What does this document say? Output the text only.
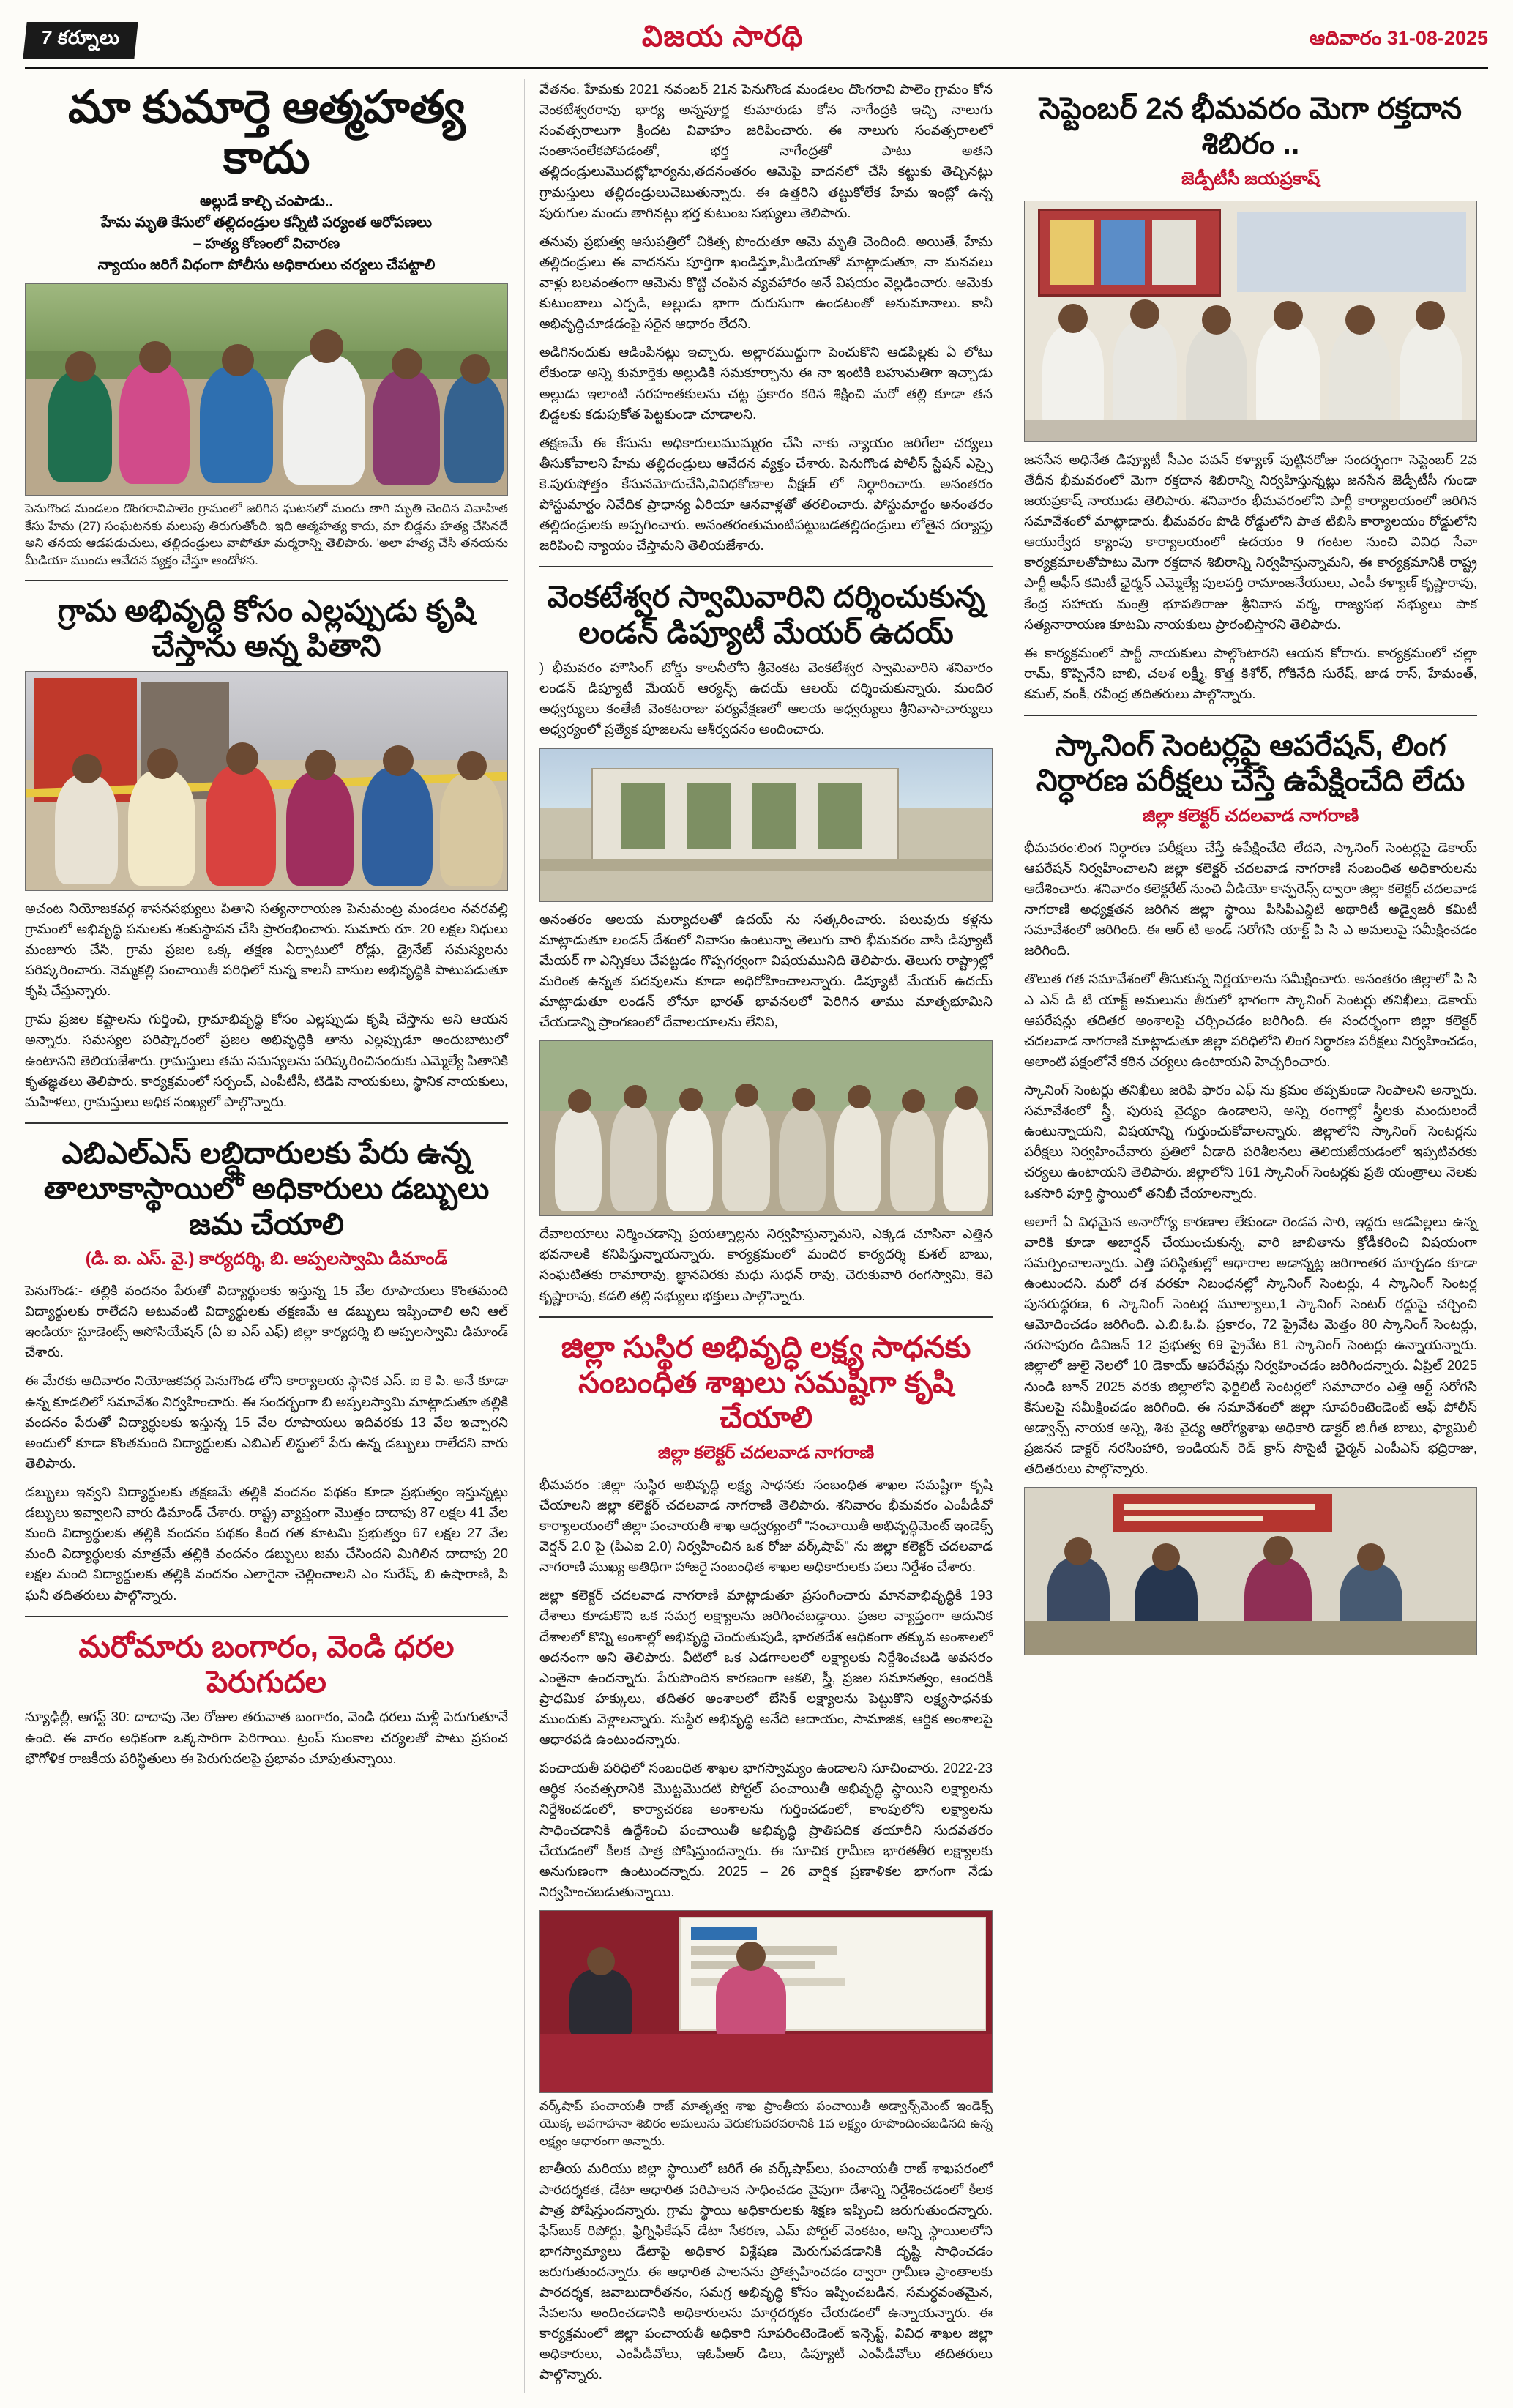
7 కర్నూలు	విజయ సారథి	ఆదివారం 31-08-2025
మా కుమార్తె ఆత్మహత్య కాదు
అల్లుడే కాల్చి చంపాడు..
హేమ మృతి కేసులో తల్లిదండ్రుల కన్నీటి పర్యంత ఆరోపణలు
– హత్య కోణంలో విచారణ
న్యాయం జరిగే విధంగా పోలీసు అధికారులు చర్యలు చేపట్టాలి

పెనుగొండ మండలం దొంగరావిపాలెం గ్రామంలో జరిగిన ఘటనలో మందు తాగి మృతి చెందిన వివాహిత కేసు హేమ (27) సంఘటనకు మలుపు తిరుగుతోంది. ఇది ఆత్మహత్య కాదు, మా బిడ్డను హత్య చేసినదే అని తనయ ఆడపడుచులు, తల్లిదండ్రులు వాపోతూ మర్మరాన్ని తెలిపారు. 'అలా హత్య చేసి తనయను మీడియా ముందు ఆవేదన వ్యక్తం చేస్తూ ఆందోళన.

గ్రామ అభివృద్ధి కోసం ఎల్లప్పుడు కృషి చేస్తాను అన్న పితాని

అచంట నియోజకవర్గ శాసనసభ్యులు పితాని సత్యనారాయణ పెనుమంట్ర మండలం నవరవల్లి గ్రామంలో అభివృద్ధి పనులకు శంకుస్థాపన చేసి ప్రారంభించారు. సుమారు రూ. 20 లక్షల నిధులు మంజూరు చేసి, గ్రామ ప్రజల ఒక్క తక్షణ ఏర్పాటులో రోడ్లు, డ్రైనేజ్ సమస్యలను పరిష్కరించారు. నెమ్మకల్లి పంచాయితీ పరిధిలో నున్న కాలనీ వాసుల అభివృద్ధికి పాటుపడుతూ కృషి చేస్తున్నారు.

గ్రామ ప్రజల కష్టాలను గుర్తించి, గ్రామాభివృద్ధి కోసం ఎల్లప్పుడు కృషి చేస్తాను అని ఆయన అన్నారు. సమస్యల పరిష్కారంలో ప్రజల అభివృద్ధికి తాను ఎల్లప్పుడూ అందుబాటులో ఉంటానని తెలియజేశారు. గ్రామస్తులు తమ సమస్యలను పరిష్కరించినందుకు ఎమ్మెల్యే పితానికి కృతజ్ఞతలు తెలిపారు. కార్యక్రమంలో సర్పంచ్, ఎంపీటీసీ, టిడిపి నాయకులు, స్థానిక నాయకులు, మహిళలు, గ్రామస్తులు అధిక సంఖ్యలో పాల్గొన్నారు.

ఎబిఎల్ఎస్ లబ్ధిదారులకు పేరు ఉన్న తాలూకాస్థాయిలో అధికారులు డబ్బులు జమ చేయాలి
(డి. ఐ. ఎస్. వై.) కార్యదర్శి, బి. అప్పలస్వామి డిమాండ్

పెనుగొండ:- తల్లికి వందనం పేరుతో విద్యార్థులకు ఇస్తున్న 15 వేల రూపాయలు కొంతమంది విద్యార్థులకు రాలేదని అటువంటి విద్యార్థులకు తక్షణమే ఆ డబ్బులు ఇప్పించాలి అని ఆల్ ఇండియా స్టూడెంట్స్ అసోసియేషన్ (ఏ ఐ ఎస్ ఎఫ్) జిల్లా కార్యదర్శి బి అప్పలస్వామి డిమాండ్ చేశారు.

ఈ మేరకు ఆదివారం నియోజకవర్గ పెనుగొండ లోని కార్యాలయ స్థానిక ఎస్. ఐ కె పి. అనే కూడా ఉన్న కూడలిలో సమావేశం నిర్వహించారు. ఈ సందర్భంగా బి అప్పలస్వామి మాట్లాడుతూ తల్లికి వందనం పేరుతో విద్యార్థులకు ఇస్తున్న 15 వేల రూపాయలు ఇదివరకు 13 వేల ఇచ్చారని అందులో కూడా కొంతమంది విద్యార్థులకు ఎబిఎల్ లిస్టులో పేరు ఉన్న డబ్బులు రాలేదని వారు తెలిపారు.

డబ్బులు ఇవ్వని విద్యార్థులకు తక్షణమే తల్లికి వందనం పథకం కూడా ప్రభుత్వం ఇస్తున్నట్లు డబ్బులు ఇవ్వాలని వారు డిమాండ్ చేశారు. రాష్ట్ర వ్యాప్తంగా మొత్తం దాదాపు 87 లక్షల 41 వేల మంది విద్యార్థులకు తల్లికి వందనం పథకం కింద గత కూటమి ప్రభుత్వం 67 లక్షల 27 వేల మంది విద్యార్థులకు మాత్రమే తల్లికి వందనం డబ్బులు జమ చేసిందని మిగిలిన దాదాపు 20 లక్షల మంది విద్యార్థులకు తల్లికి వందనం ఎలాగైనా చెల్లించాలని ఎం సురేష్, బి ఉషారాణి, పి ఘనీ తదితరులు పాల్గొన్నారు.

మరోమారు బంగారం, వెండి ధరల పెరుగుదల

న్యూఢిల్లీ, ఆగస్ట్ 30: దాదాపు నెల రోజుల తరువాత బంగారం, వెండి ధరలు మళ్లీ పెరుగుతూనే ఉంది. ఈ వారం అధికంగా ఒక్కసారిగా పెరిగాయి. ట్రంప్ సుంకాల చర్యలతో పాటు ప్రపంచ భౌగోళిక రాజకీయ పరిస్థితులు ఈ పెరుగుదలపై ప్రభావం చూపుతున్నాయి.

వేతనం. హేమకు 2021 నవంబర్ 21న పెనుగొండ మండలం దొంగరావి పాలెం గ్రామం కోన వెంకటేశ్వరరావు భార్య అన్నపూర్ణ కుమారుడు కోన నాగేంద్రకి ఇచ్చి నాలుగు సంవత్సరాలుగా క్రిందట వివాహం జరిపించారు. ఈ నాలుగు సంవత్సరాలలో సంతానంలేకపోవడంతో, భర్త నాగేంద్రతో పాటు అతని తల్లిదండ్రులుమొదట్లోభార్యను,తదనంతరం ఆమెపై వాదనలో చేసి కట్టుకు తెచ్చినట్లు గ్రామస్తులు తల్లిదండ్రులుచెబుతున్నారు. ఈ ఉత్తరిని తట్టుకోలేక హేమ ఇంట్లో ఉన్న పురుగుల మందు తాగినట్లు భర్త కుటుంబ సభ్యులు తెలిపారు.

తనువు ప్రభుత్వ ఆసుపత్రిలో చికిత్స పొందుతూ ఆమె మృతి చెందింది. అయితే, హేమ తల్లిదండ్రులు ఈ వాదనను పూర్తిగా ఖండిస్తూ,మీడియాతో మాట్లాడుతూ, నా మనవలు వాళ్లు బలవంతంగా ఆమెను కొట్టి చంపిన వ్యవహారం అనే విషయం వెల్లడించారు. ఆమెకు కుటుంబాలు ఎర్పడి, అల్లుడు భాగా దురుసుగా ఉండటంతో అనుమానాలు. కానీ అభివృద్ధిచూడడంపై సరైన ఆధారం లేదని.

అడిగినందుకు ఆడింపినట్లు ఇచ్చారు. అల్లారముద్దుగా పెంచుకొని ఆడపిల్లకు ఏ లోటు లేకుండా అన్ని కుమార్తెకు అల్లుడికి సమకూర్చాను ఈ నా ఇంటికి బహుమతిగా ఇచ్చాడు అల్లుడు ఇలాంటి నరహంతకులను చట్ట ప్రకారం కఠిన శిక్షించి మరో తల్లి కూడా తన బిడ్డలకు కడుపుకోత పెట్టకుండా చూడాలని.

తక్షణమే ఈ కేసును అధికారులుముమ్మరం చేసి నాకు న్యాయం జరిగేలా చర్యలు తీసుకోవాలని హేమ తల్లిదండ్రులు ఆవేదన వ్యక్తం చేశారు. పెనుగొండ పోలీస్ స్టేషన్ ఎస్సై కె.పురుషోత్తం కేసునమోదుచేసి,వివిధకోణాల వీక్షణ్ లో నిర్ధారించారు. అనంతరం పోస్టుమార్టం నివేదిక ప్రాధాన్య ఏరియా ఆనవాళ్లతో తరలించారు. పోస్టుమార్టం అనంతరం తల్లిదండ్రులకు అప్పగించారు. అనంతరంతుమంటిపట్టుబడతల్లిదండ్రులు లోతైన దర్యాప్తు జరిపించి న్యాయం చేస్తామని తెలియజేశారు.

వెంకటేశ్వర స్వామివారిని దర్శించుకున్న లండన్ డిప్యూటీ మేయర్ ఉదయ్

) భీమవరం హౌసింగ్ బోర్డు కాలనీలోని శ్రీవెంకట వెంకటేశ్వర స్వామివారిని శనివారం లండన్ డిప్యూటీ మేయర్ ఆర్యన్స్ ఉదయ్ ఆలయ్ దర్శించుకున్నారు. మందిర అధ్వర్యులు కంతేజీ వెంకటరాజు పర్యవేక్షణలో ఆలయ అధ్వర్యులు శ్రీనివాసాచార్యులు అధ్వర్యంలో ప్రత్యేక పూజలను ఆశీర్వదనం అందించారు.

అనంతరం ఆలయ మర్యాదలతో ఉదయ్ ను సత్కరించారు. పలువురు కళ్లను మాట్లాడుతూ లండన్ దేశంలో నివాసం ఉంటున్నా తెలుగు వారి భీమవరం వాసి డిప్యూటీ మేయర్ గా ఎన్నికలు చేపట్టడం గొప్పగర్వంగా విషయమునిది తెలిపారు. తెలుగు రాష్ట్రాల్లో మరింత ఉన్నత పదవులను కూడా అధిరోహించాలన్నారు. డిప్యూటీ మేయర్ ఉదయ్ మాట్లాడుతూ లండన్ లోనూ భారత్ భావనలలో పెరిగిన తాము మాతృభూమిని చేయడాన్ని ప్రాంగణంలో దేవాలయాలను లేనివి,

దేవాలయాలు నిర్మించడాన్ని ప్రయత్నాల్లను నిర్వహిస్తున్నామని, ఎక్కడ చూసినా ఎత్తిన భవనాలకి కనిపిస్తున్నాయన్నారు. కార్యక్రమంలో మందిర కార్యదర్శి కుశల్ బాబు, సంఘటితకు రామారావు, జ్ఞానవిరకు మధు సుధన్ రావు, చెరుకువారి రంగస్వామి, కెవి కృష్ణారావు, కడలి తల్లి సభ్యులు భక్తులు పాల్గొన్నారు.

జిల్లా సుస్థిర అభివృద్ధి లక్ష్య సాధనకు సంబంధిత శాఖలు సమష్టిగా కృషి చేయాలి
జిల్లా కలెక్టర్ చదలవాడ నాగరాణి

భీమవరం :జిల్లా సుస్థిర అభివృద్ధి లక్ష్య సాధనకు సంబంధిత శాఖల సమష్టిగా కృషి చేయాలని జిల్లా కలెక్టర్ చదలవాడ నాగరాణి తెలిపారు. శనివారం భీమవరం ఎంపీడీవో కార్యాలయంలో జిల్లా పంచాయతీ శాఖ ఆధ్వర్యంలో "సంచాయితీ అభివృద్ధిమెంట్ ఇండెక్స్ వెర్షన్ 2.0 పై (పిఎఐ 2.0) నిర్వహించిన ఒక రోజు వర్క్‌షాప్" ను జిల్లా కలెక్టర్ చదలవాడ నాగరాణి ముఖ్య అతిథిగా హాజరై సంబంధిత శాఖల అధికారులకు పలు నిర్దేశం చేశారు.

జిల్లా కలెక్టర్ చదలవాడ నాగరాణి మాట్లాడుతూ ప్రసంగించారు మానవాభివృద్ధికి 193 దేశాలు కూడుకొని ఒక సమగ్ర లక్ష్యాలను జరిగించబడ్డాయి. ప్రజల వ్యాప్తంగా ఆదునిక దేశాలలో కొన్ని అంశాల్లో అభివృద్ధి చెందుతుపుడి, భారతదేశ ఆధికంగా తక్కువ అంశాలలో అదనంగా అని తెలిపారు. వీటిలో ఒక ఎడగాలలలో లక్ష్యాలకు నిర్దేశించబడి అవసరం ఎంతైనా ఉందన్నారు. పేరుపొందిన కారణంగా ఆకలి, స్త్రీ, ప్రజల సమానత్వం, ఆందరికీ ప్రాధమిక హక్కులు, తదితర అంశాలలో బేసిక్ లక్ష్యాలను పెట్టుకొని లక్ష్యసాధనకు ముందుకు వెళ్లాలన్నారు. సుస్థిర అభివృద్ధి అనేది ఆదాయం, సామాజిక, ఆర్థిక అంశాలపై ఆధారపడి ఉంటుందన్నారు.

పంచాయతీ పరిధిలో సంబంధిత శాఖల భాగస్వామ్యం ఉండాలని సూచించారు. 2022-23 ఆర్థిక సంవత్సరానికి మొట్టమొదటి పోర్టల్ పంచాయితీ అభివృద్ధి స్థాయిని లక్ష్యాలను నిర్దేశించడంలో, కార్యాచరణ అంశాలను గుర్తించడంలో, కాంపులోని లక్ష్యాలను సాధించడానికి ఉద్దేశించి పంచాయితీ అభివృద్ధి ప్రాతిపదిక తయారీని సుదవతరం చేయడంలో కీలక పాత్ర పోషిస్తుందన్నారు. ఈ సూచిక గ్రామీణ భారతతీర లక్ష్యాలకు అనుగుణంగా ఉంటుందన్నారు. 2025 – 26 వార్షిక ప్రణాళికల భాగంగా నేడు నిర్వహించబడుతున్నాయి.

వర్క్‌షాప్ పంచాయతీ రాజ్ మాతృత్వ శాఖ ప్రాంతీయ పంచాయితీ అడ్వాన్స్‌మెంట్ ఇండెక్స్ యొక్క అవగాహనా శిబిరం అమలును వెరుకగువరవరానికి 1వ లక్ష్యం రూపొందించబడినది ఉన్న లక్ష్యం ఆధారంగా అన్నారు.

జాతీయ మరియు జిల్లా స్థాయిలో జరిగే ఈ వర్క్‌షాప్‌లు, పంచాయతీ రాజ్ శాఖపరంలో పారదర్శకత, డేటా ఆధారిత పరిపాలన సాధించడం వైపుగా దేశాన్ని నిర్దేశించడంలో కీలక పాత్ర పోషిస్తుందన్నారు. గ్రామ స్థాయి అధికారులకు శిక్షణ ఇప్పించి జరుగుతుందన్నారు. ఫేస్‌బుక్ రిపోర్టు, ఫ్రిగ్నిఫికేషన్ డేటా సేకరణ, ఎమ్ పోర్టల్ వెంకటం, అన్ని స్థాయిలలోని భాగస్వామ్యాలు డేటాపై అధికార విశ్లేషణ మెరుగుపడడానికి దృష్టి సాధించడం జరుగుతుందన్నారు. ఈ ఆధారిత పాలనను ప్రోత్సహించడం ద్వారా గ్రామీణ ప్రాంతాలకు పారదర్శక, జవాబుదారీతనం, సమగ్ర అభివృద్ధి కోసం ఇప్పించబడిన, సమర్ధవంతమైన, సేవలను అందించడానికి అధికారులను మార్గదర్శకం చేయడంలో ఉన్నాయన్నారు. ఈ కార్యక్రమంలో జిల్లా పంచాయతీ అధికారి సూపరింటెండెంట్ ఇన్సెప్ట్, వివిధ శాఖల జిల్లా అధికారులు, ఎంపీడీవోలు, ఇఓపీఆర్ డిలు, డిప్యూటీ ఎంపీడీవోలు తదితరులు పాల్గొన్నారు.

సెప్టెంబర్ 2న భీమవరం మెగా రక్తదాన శిబిరం ..
జెడ్పీటీసీ జయప్రకాష్

జనసేన అధినేత డిప్యూటీ సీఎం పవన్ కళ్యాణ్ పుట్టినరోజు సందర్భంగా సెప్టెంబర్ 2వ తేదీన భీమవరంలో మెగా రక్తదాన శిబిరాన్ని నిర్వహిస్తున్నట్లు జనసేన జెడ్పీటీసీ గుండా జయప్రకాష్ నాయుడు తెలిపారు. శనివారం భీమవరంలోని పార్టీ కార్యాలయంలో జరిగిన సమావేశంలో మాట్లాడారు. భీమవరం పొడి రోడ్డులోని పాత టిబిసి కార్యాలయం రోడ్డులోని ఆయుర్వేద క్యాంపు కార్యాలయంలో ఉదయం 9 గంటల నుంచి వివిధ సేవా కార్యక్రమాలతోపాటు మెగా రక్తదాన శిబిరాన్ని నిర్వహిస్తున్నామని, ఈ కార్యక్రమానికి రాష్ట్ర పార్టీ ఆఫీస్ కమిటీ ఛైర్మన్ ఎమ్మెల్యే పులపర్తి రామాంజనేయులు, ఎంపీ కళ్యాణ్ కృష్ణారావు, కేంద్ర సహాయ మంత్రి భూపతిరాజు శ్రీనివాస వర్మ, రాజ్యసభ సభ్యులు పాక సత్యనారాయణ కూటమి నాయకులు ప్రారంభిస్తారని తెలిపారు.

ఈ కార్యక్రమంలో పార్టీ నాయకులు పాల్గొంటారని ఆయన కోరారు. కార్యక్రమంలో చల్లా రామ్, కొప్పినేని బాబి, చలశ లక్ష్మీ, కొత్త కిశోర్, గోకినేది సురేష్, జాడ రాస్, హేమంత్, కమల్, వంకీ, రవీంద్ర తదితరులు పాల్గొన్నారు.

స్కానింగ్ సెంటర్లపై ఆపరేషన్, లింగ నిర్ధారణ పరీక్షలు చేస్తే ఉపేక్షించేది లేదు
జిల్లా కలెక్టర్ చదలవాడ నాగరాణి

భీమవరం:లింగ నిర్ధారణ పరీక్షలు చేస్తే ఉపేక్షించేది లేదని, స్కానింగ్ సెంటర్లపై డెకాయ్ ఆపరేషన్ నిర్వహించాలని జిల్లా కలెక్టర్ చదలవాడ నాగరాణి సంబంధిత అధికారులను ఆదేశించారు. శనివారం కలెక్టరేట్ నుంచి వీడియో కాన్ఫరెన్స్ ద్వారా జిల్లా కలెక్టర్ చదలవాడ నాగరాణి అధ్యక్షతన జరిగిన జిల్లా స్థాయి పిసిపిఎన్డిటి అథారిటీ అడ్వైజరీ కమిటీ సమావేశంలో జరిగింది. ఈ ఆర్ టి అండ్ సరోగసి యాక్ట్ పి సి ఎ అమలుపై సమీక్షించడం జరిగింది.

తొలుత గత సమావేశంలో తీసుకున్న నిర్ణయాలను సమీక్షించారు. అనంతరం జిల్లాలో పి సి ఎ ఎన్ డి టి యాక్ట్ అమలును తీరులో భాగంగా స్కానింగ్ సెంటర్లు తనిఖీలు, డెకాయ్ ఆపరేషన్లు తదితర అంశాలపై చర్చించడం జరిగింది. ఈ సందర్భంగా జిల్లా కలెక్టర్ చదలవాడ నాగరాణి మాట్లాడుతూ జిల్లా పరిధిలోని లింగ నిర్ధారణ పరీక్షలు నిర్వహించడం, అలాంటి పక్షంలోనే కఠిన చర్యలు ఉంటాయని హెచ్చరించారు.

స్కానింగ్ సెంటర్లు తనిఖీలు జరిపి ఫారం ఎఫ్ ను క్రమం తప్పకుండా నింపాలని అన్నారు. సమావేశంలో స్త్రీ, పురుష వైద్యం ఉండాలని, అన్ని రంగాల్లో స్త్రీలకు మందులందే ఉంటున్నాయని, విషయాన్ని గుర్తుంచుకోవాలన్నారు. జిల్లాలోని స్కానింగ్ సెంటర్లను పరీక్షలు నిర్వహించేవారు ప్రతిలో ఏడాది పరిశీలనలు తెలియజేయడంలో ఇప్పటివరకు చర్యలు ఉంటాయని తెలిపారు. జిల్లాలోని 161 స్కానింగ్ సెంటర్లకు ప్రతి యంత్రాలు నెలకు ఒకసారి పూర్తి స్థాయిలో తనిఖీ చేయాలన్నారు.

అలాగే ఏ విధమైన అనారోగ్య కారణాల లేకుండా రెండవ సారి, ఇద్దరు ఆడపిల్లలు ఉన్న వారికి కూడా అబార్షన్ చేయుంచుకున్న, వారి జాబితాను క్రోడీకరించి విషయంగా సమర్పించాలన్నారు. ఎత్తి పరిస్థితుల్లో ఆధారాల అడాన్నట్ల జరిగాంతర మార్చడం కూడా ఉంటుందని. మరో దశ వరకూ నిబంధనల్లో స్కానింగ్ సెంటర్లు, 4 స్కానింగ్ సెంటర్ల పునరుద్ధరణ, 6 స్కానింగ్ సెంటర్ల మూల్యాలు,1 స్కానింగ్ సెంటర్ రద్దుపై చర్చించి ఆమోదించడం జరిగింది. ఎ.బి.ఓ.పి. ప్రకారం, 72 ప్రైవేట మెత్తం 80 స్కానింగ్ సెంటర్లు, నరసాపురం డివిజన్ 12 ప్రభుత్వ 69 ప్రైవేట 81 స్కానింగ్ సెంటర్లు ఉన్నాయన్నారు. జిల్లాలో జులై నెలలో 10 డెకాయ్ ఆపరేషన్లు నిర్వహించడం జరిగిందన్నారు. ఏప్రిల్ 2025 నుండి జూన్ 2025 వరకు జిల్లాలోని ఫెర్టిలిటీ సెంటర్లలో సమాచారం ఎత్తి ఆర్ట్ సరోగసి కేసులపై సమీక్షించడం జరిగింది. ఈ సమావేశంలో జిల్లా సూపరింటెండెంట్ ఆఫ్ పోలీస్ అడ్వాన్స్ నాయక అన్ని, శిశు వైద్య ఆరోగ్యశాఖ అధికారి డాక్టర్ జి.గీత బాబు, ఫ్యామిలీ ప్రజనన డాక్టర్ నరసింహారి, ఇండియన్ రెడ్ క్రాస్ సొసైటీ ఛైర్మన్ ఎంపీఎస్ భద్రిరాజు, తదితరులు పాల్గొన్నారు.
